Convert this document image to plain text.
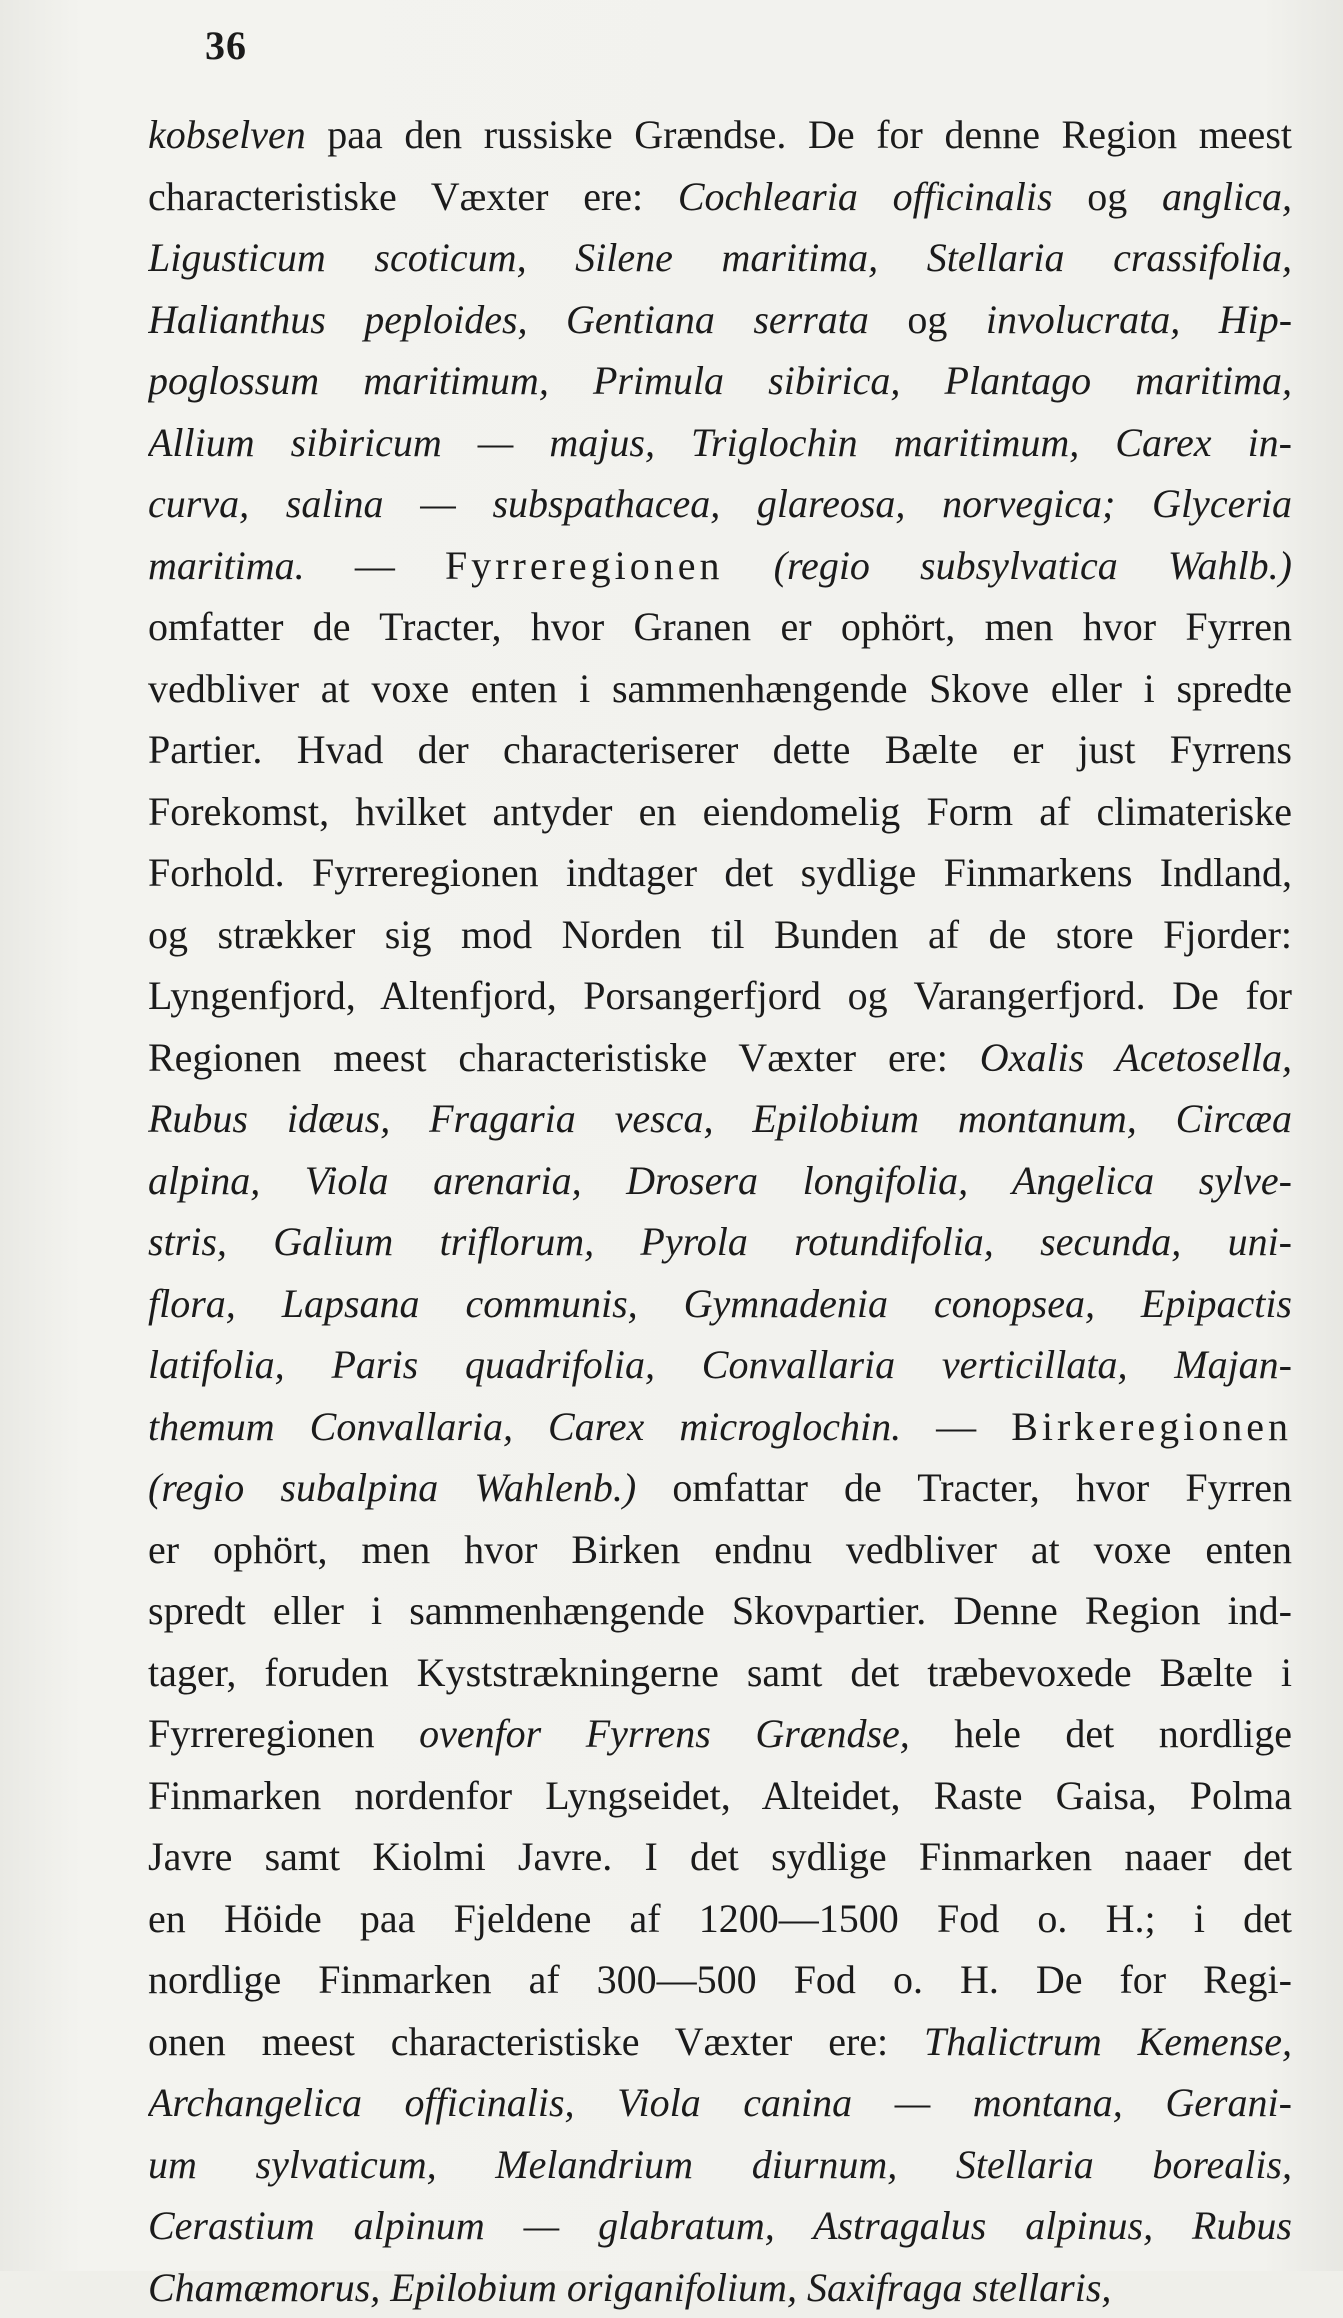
36
kobselven paa den russiske Grændse. De for denne Region meest
characteristiske Væxter ere: Cochlearia officinalis og anglica,
Ligusticum scoticum, Silene maritima, Stellaria crassifolia,
Halianthus peploides, Gentiana serrata og involucrata, Hip-
poglossum maritimum, Primula sibirica, Plantago maritima,
Allium sibiricum — majus, Triglochin maritimum, Carex in-
curva, salina — subspathacea, glareosa, norvegica; Glyceria
maritima. — Fyrreregionen (regio subsylvatica Wahlb.)
omfatter de Tracter, hvor Granen er ophört, men hvor Fyrren
vedbliver at voxe enten i sammenhængende Skove eller i spredte
Partier. Hvad der characteriserer dette Bælte er just Fyrrens
Forekomst, hvilket antyder en eiendomelig Form af climateriske
Forhold. Fyrreregionen indtager det sydlige Finmarkens Indland,
og strækker sig mod Norden til Bunden af de store Fjorder:
Lyngenfjord, Altenfjord, Porsangerfjord og Varangerfjord. De for
Regionen meest characteristiske Væxter ere: Oxalis Acetosella,
Rubus idæus, Fragaria vesca, Epilobium montanum, Circæa
alpina, Viola arenaria, Drosera longifolia, Angelica sylve-
stris, Galium triflorum, Pyrola rotundifolia, secunda, uni-
flora, Lapsana communis, Gymnadenia conopsea, Epipactis
latifolia, Paris quadrifolia, Convallaria verticillata, Majan-
themum Convallaria, Carex microglochin. — Birkeregionen
(regio subalpina Wahlenb.) omfattar de Tracter, hvor Fyrren
er ophört, men hvor Birken endnu vedbliver at voxe enten
spredt eller i sammenhængende Skovpartier. Denne Region ind-
tager, foruden Kyststrækningerne samt det træbevoxede Bælte i
Fyrreregionen ovenfor Fyrrens Grændse, hele det nordlige
Finmarken nordenfor Lyngseidet, Alteidet, Raste Gaisa, Polma
Javre samt Kiolmi Javre. I det sydlige Finmarken naaer det
en Höide paa Fjeldene af 1200—1500 Fod o. H.; i det
nordlige Finmarken af 300—500 Fod o. H. De for Regi-
onen meest characteristiske Væxter ere: Thalictrum Kemense,
Archangelica officinalis, Viola canina — montana, Gerani-
um sylvaticum, Melandrium diurnum, Stellaria borealis,
Cerastium alpinum — glabratum, Astragalus alpinus, Rubus
Chamæmorus, Epilobium origanifolium, Saxifraga stellaris,
